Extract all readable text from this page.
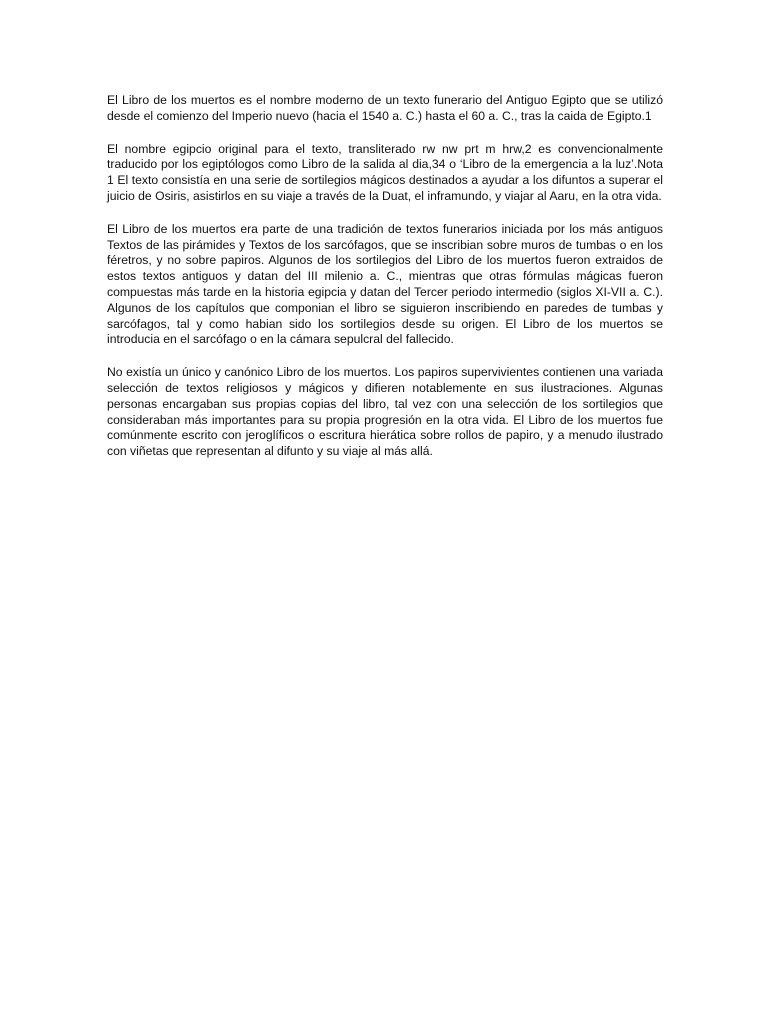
El Libro de los muertos es el nombre moderno de un texto funerario del Antiguo Egipto que se utilizó desde el comienzo del Imperio nuevo (hacia el 1540 a. C.) hasta el 60 a. C., tras la caida de Egipto.1

El nombre egipcio original para el texto, transliterado rw nw prt m hrw,2 es convencionalmente traducido por los egiptólogos como Libro de la salida al dia,34 o ‘Libro de la emergencia a la luz’.Nota 1 El texto consistía en una serie de sortilegios mágicos destinados a ayudar a los difuntos a superar el juicio de Osiris, asistirlos en su viaje a través de la Duat, el inframundo, y viajar al Aaru, en la otra vida.

El Libro de los muertos era parte de una tradición de textos funerarios iniciada por los más antiguos Textos de las pirámides y Textos de los sarcófagos, que se inscribian sobre muros de tumbas o en los féretros, y no sobre papiros. Algunos de los sortilegios del Libro de los muertos fueron extraidos de estos textos antiguos y datan del III milenio a. C., mientras que otras fórmulas mágicas fueron compuestas más tarde en la historia egipcia y datan del Tercer periodo intermedio (siglos XI-VII a. C.). Algunos de los capítulos que componian el libro se siguieron inscribiendo en paredes de tumbas y sarcófagos, tal y como habian sido los sortilegios desde su origen. El Libro de los muertos se introducia en el sarcófago o en la cámara sepulcral del fallecido.

No existía un único y canónico Libro de los muertos. Los papiros supervivientes contienen una variada selección de textos religiosos y mágicos y difieren notablemente en sus ilustraciones. Algunas personas encargaban sus propias copias del libro, tal vez con una selección de los sortilegios que consideraban más importantes para su propia progresión en la otra vida. El Libro de los muertos fue comúnmente escrito con jeroglíficos o escritura hierática sobre rollos de papiro, y a menudo ilustrado con viñetas que representan al difunto y su viaje al más allá.
